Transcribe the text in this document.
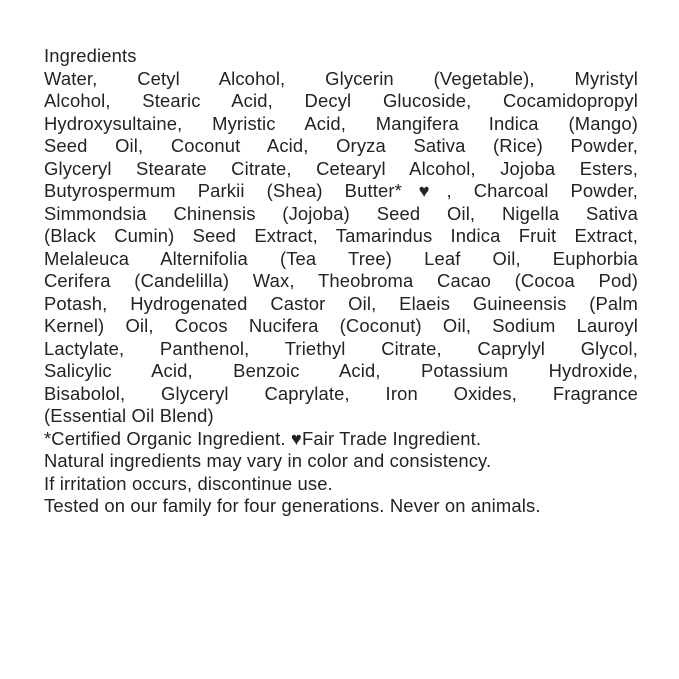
Ingredients
Water, Cetyl Alcohol, Glycerin (Vegetable), Myristyl
Alcohol, Stearic Acid, Decyl Glucoside, Cocamidopropyl
Hydroxysultaine, Myristic Acid, Mangifera Indica (Mango)
Seed Oil, Coconut Acid, Oryza Sativa (Rice) Powder,
Glyceryl Stearate Citrate, Cetearyl Alcohol, Jojoba Esters,
Butyrospermum Parkii (Shea) Butter*♥, Charcoal Powder,
Simmondsia Chinensis (Jojoba) Seed Oil, Nigella Sativa
(Black Cumin) Seed Extract, Tamarindus Indica Fruit Extract,
Melaleuca Alternifolia (Tea Tree) Leaf Oil, Euphorbia
Cerifera (Candelilla) Wax, Theobroma Cacao (Cocoa Pod)
Potash, Hydrogenated Castor Oil, Elaeis Guineensis (Palm
Kernel) Oil, Cocos Nucifera (Coconut) Oil, Sodium Lauroyl
Lactylate, Panthenol, Triethyl Citrate, Caprylyl Glycol,
Salicylic Acid, Benzoic Acid, Potassium Hydroxide,
Bisabolol, Glyceryl Caprylate, Iron Oxides, Fragrance
(Essential Oil Blend)
*Certified Organic Ingredient. ♥Fair Trade Ingredient.
Natural ingredients may vary in color and consistency.
If irritation occurs, discontinue use.
Tested on our family for four generations. Never on animals.
